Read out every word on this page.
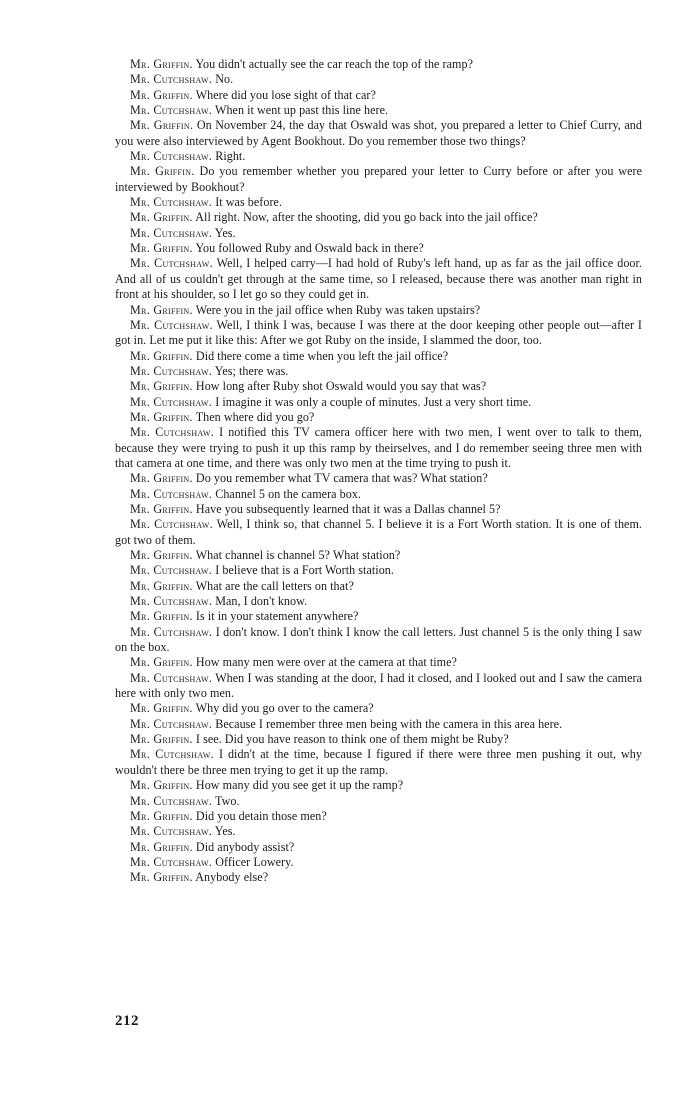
Mr. Griffin. You didn't actually see the car reach the top of the ramp?

Mr. Cutchshaw. No.

Mr. Griffin. Where did you lose sight of that car?

Mr. Cutchshaw. When it went up past this line here.

Mr. Griffin. On November 24, the day that Oswald was shot, you prepared a letter to Chief Curry, and you were also interviewed by Agent Bookhout. Do you remember those two things?

Mr. Cutchshaw. Right.

Mr. Griffin. Do you remember whether you prepared your letter to Curry before or after you were interviewed by Bookhout?

Mr. Cutchshaw. It was before.

Mr. Griffin. All right. Now, after the shooting, did you go back into the jail office?

Mr. Cutchshaw. Yes.

Mr. Griffin. You followed Ruby and Oswald back in there?

Mr. Cutchshaw. Well, I helped carry—I had hold of Ruby's left hand, up as far as the jail office door. And all of us couldn't get through at the same time, so I released, because there was another man right in front at his shoulder, so I let go so they could get in.

Mr. Griffin. Were you in the jail office when Ruby was taken upstairs?

Mr. Cutchshaw. Well, I think I was, because I was there at the door keeping other people out—after I got in. Let me put it like this: After we got Ruby on the inside, I slammed the door, too.

Mr. Griffin. Did there come a time when you left the jail office?

Mr. Cutchshaw. Yes; there was.

Mr. Griffin. How long after Ruby shot Oswald would you say that was?

Mr. Cutchshaw. I imagine it was only a couple of minutes. Just a very short time.

Mr. Griffin. Then where did you go?

Mr. Cutchshaw. I notified this TV camera officer here with two men, I went over to talk to them, because they were trying to push it up this ramp by theirselves, and I do remember seeing three men with that camera at one time, and there was only two men at the time trying to push it.

Mr. Griffin. Do you remember what TV camera that was? What station?

Mr. Cutchshaw. Channel 5 on the camera box.

Mr. Griffin. Have you subsequently learned that it was a Dallas channel 5?

Mr. Cutchshaw. Well, I think so, that channel 5. I believe it is a Fort Worth station. It is one of them. got two of them.

Mr. Griffin. What channel is channel 5? What station?

Mr. Cutchshaw. I believe that is a Fort Worth station.

Mr. Griffin. What are the call letters on that?

Mr. Cutchshaw. Man, I don't know.

Mr. Griffin. Is it in your statement anywhere?

Mr. Cutchshaw. I don't know. I don't think I know the call letters. Just channel 5 is the only thing I saw on the box.

Mr. Griffin. How many men were over at the camera at that time?

Mr. Cutchshaw. When I was standing at the door, I had it closed, and I looked out and I saw the camera here with only two men.

Mr. Griffin. Why did you go over to the camera?

Mr. Cutchshaw. Because I remember three men being with the camera in this area here.

Mr. Griffin. I see. Did you have reason to think one of them might be Ruby?

Mr. Cutchshaw. I didn't at the time, because I figured if there were three men pushing it out, why wouldn't there be three men trying to get it up the ramp.

Mr. Griffin. How many did you see get it up the ramp?

Mr. Cutchshaw. Two.

Mr. Griffin. Did you detain those men?

Mr. Cutchshaw. Yes.

Mr. Griffin. Did anybody assist?

Mr. Cutchshaw. Officer Lowery.

Mr. Griffin. Anybody else?

212
